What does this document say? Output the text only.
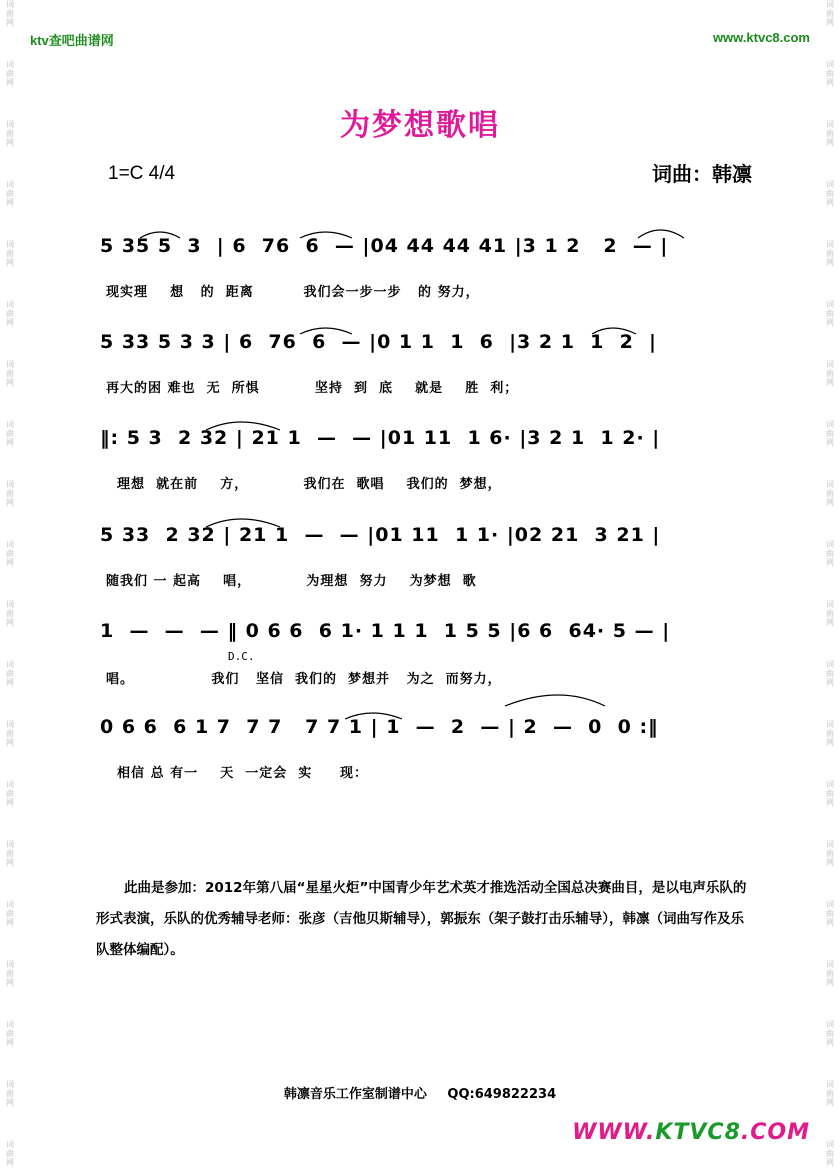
词
曲
网
词
曲
网
词
曲
网
词
曲
网
词
曲
网
词
曲
网
词
曲
网
词
曲
网
词
曲
网
词
曲
网
词
曲
网
词
曲
网
词
曲
网
词
曲
网
词
曲
网
词
曲
网
词
曲
网
词
曲
网
词
曲
网
词
曲
网
词
曲
网
词
曲
网
词
曲
网
词
曲
网
词
曲
网
词
曲
网
词
曲
网
词
曲
网
词
曲
网
词
曲
网
词
曲
网
词
曲
网
词
曲
网
词
曲
网
词
曲
网
词
曲
网
词
曲
网
词
曲
网
词
曲
网
词
曲
网
ktv查吧曲谱网	www.ktvc8.com
为梦想歌唱
1=C 4/4	词曲：韩凛
5 35 5  3  | 6  76  6  — |04 44 44 41 |3 1 2   2  — |
现实理    想   的  距离         我们会一步一步   的 努力，
5 33 5 3 3 | 6  76  6  — |0 1 1  1  6  |3 2 1  1  2  |
再大的困 难也  无  所惧          坚持  到  底    就是    胜  利；
‖: 5 3  2 32 | 21 1  —  — |01 11  1 6· |3 2 1  1 2· |
理想  就在前    方，          我们在  歌唱    我们的  梦想，
5 33  2 32 | 21 1  —  — |01 11  1 1· |02 21  3 21 |
随我们 一 起高    唱，          为理想  努力    为梦想  歌
1  —  —  — ‖ 0 6 6  6 1· 1 1 1  1 5 5 |6 6  64· 5 — |
D.C.
唱。              我们   坚信  我们的  梦想并   为之  而努力，
0 6 6  6 1 7  7 7   7 7 1 | 1  —  2  — | 2  —  0  0 :‖
相信 总 有一    天  一定会  实     现：
此曲是参加：2012年第八届“星星火炬”中国青少年艺术英才推选活动全国总决赛曲目，是以电声乐队的形式表演，乐队的优秀辅导老师：张彦（吉他贝斯辅导），郭振东（架子鼓打击乐辅导），韩凛（词曲写作及乐队整体编配）。
韩凛音乐工作室制谱中心 QQ:649822234
WWW.KTVC8.COM
